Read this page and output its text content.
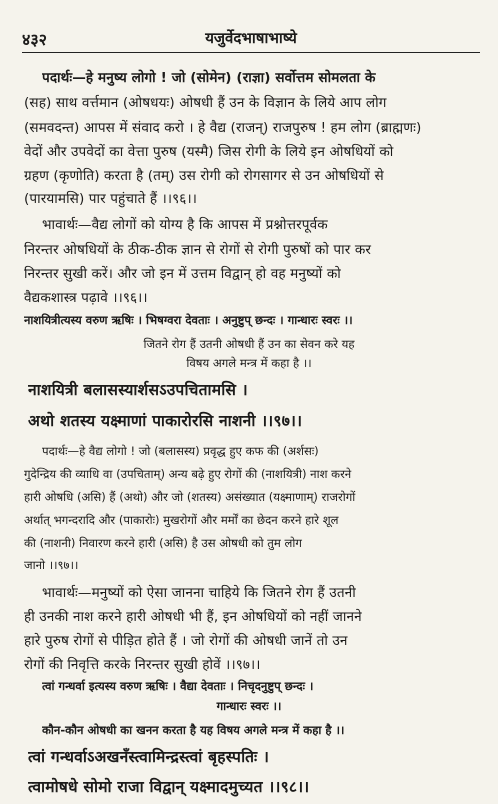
४३२	यजुर्वेदभाषाभाष्ये
पदार्थः—हे मनुष्य लोगो ! जो (सोमेन) (राज्ञा) सर्वोत्तम सोमलता के
(सह) साथ वर्त्तमान (ओषधयः) ओषधी हैं उन के विज्ञान के लिये आप लोग
(समवदन्त) आपस में संवाद करो । हे वैद्य (राजन्) राजपुरुष ! हम लोग (ब्राह्मणः)
वेदों और उपवेदों का वेत्ता पुरुष (यस्मै) जिस रोगी के लिये इन ओषधियों को
ग्रहण (कृणोति) करता है (तम्) उस रोगी को रोगसागर से उन ओषधियों से
(पारयामसि) पार पहुंचाते हैं ।।९६।।
भावार्थः—वैद्य लोगों को योग्य है कि आपस में प्रश्नोत्तरपूर्वक
निरन्तर ओषधियों के ठीक-ठीक ज्ञान से रोगों से रोगी पुरुषों को पार कर
निरन्तर सुखी करें। और जो इन में उत्तम विद्वान् हो वह मनुष्यों को
वैद्यकशास्त्र पढ़ावे ।।९६।।
नाशयित्रीत्यस्य वरुण ऋषिः । भिषग्वरा देवताः । अनुष्टुप् छन्दः । गान्धारः स्वरः ।।
जितने रोग हैं उतनी ओषधी हैं उन का सेवन करे यह
विषय अगले मन्त्र में कहा है ।।
नाशयित्री बलासस्यार्शसऽउपचितामसि ।
अथो शतस्य यक्ष्माणां पाकारोरसि नाशनी ।।९७।।
पदार्थः—हे वैद्य लोगो ! जो (बलासस्य) प्रवृद्ध हुए कफ की (अर्शसः)
गुदेन्द्रिय की व्याधि वा (उपचिताम्) अन्य बढ़े हुए रोगों की (नाशयित्री) नाश करने
हारी ओषधि (असि) हैं (अथो) और जो (शतस्य) असंख्यात (यक्ष्माणाम्) राजरोगों
अर्थात् भगन्दरादि और (पाकारोः) मुखरोगों और मर्मों का छेदन करने हारे शूल
की (नाशनी) निवारण करने हारी (असि) है उस ओषधी को तुम लोग
जानो ।।९७।।
भावार्थः—मनुष्यों को ऐसा जानना चाहिये कि जितने रोग हैं उतनी
ही उनकी नाश करने हारी ओषधी भी हैं, इन ओषधियों को नहीं जानने
हारे पुरुष रोगों से पीड़ित होते हैं । जो रोगों की ओषधी जानें तो उन
रोगों की निवृत्ति करके निरन्तर सुखी होवें ।।९७।।
त्वां गन्धर्वा इत्यस्य वरुण ऋषिः । वैद्या देवताः । निचृदनुष्टुप् छन्दः ।
गान्धारः स्वरः ।।
कौन-कौन ओषधी का खनन करता है यह विषय अगले मन्त्र में कहा है ।।
त्वां गन्धर्वाऽअखनँस्त्वामिन्द्रस्त्वां बृहस्पतिः ।
त्वामोषधे सोमो राजा विद्वान् यक्ष्मादमुच्यत ।।९८।।
